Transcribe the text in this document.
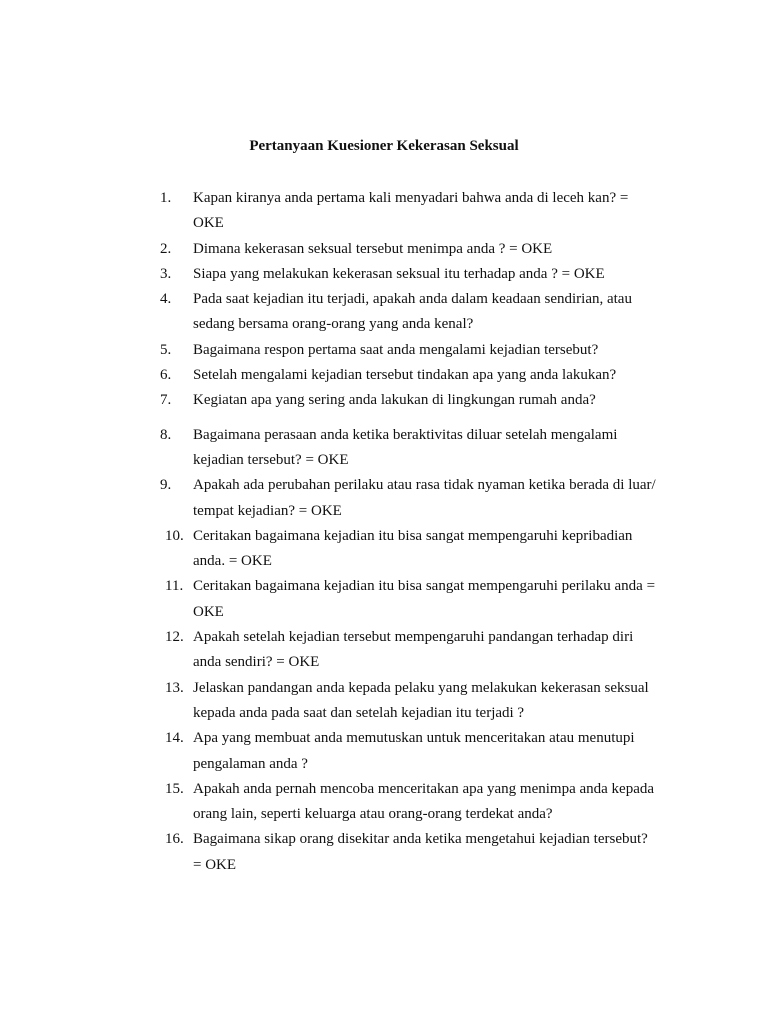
Pertanyaan Kuesioner Kekerasan Seksual
1.	Kapan kiranya anda pertama kali menyadari bahwa anda di leceh kan? = OKE
2.	Dimana kekerasan seksual tersebut menimpa anda ? = OKE
3.	Siapa yang melakukan kekerasan seksual itu terhadap anda ? = OKE
4.	Pada saat kejadian itu terjadi, apakah anda dalam keadaan sendirian, atau sedang bersama orang-orang yang anda kenal?
5.	Bagaimana respon pertama saat anda mengalami kejadian tersebut?
6.	Setelah mengalami kejadian tersebut tindakan apa yang anda lakukan?
7.	Kegiatan apa yang sering anda lakukan di lingkungan rumah anda?
8.	Bagaimana perasaan anda ketika beraktivitas diluar setelah mengalami kejadian tersebut? = OKE
9.	Apakah ada perubahan perilaku atau rasa tidak nyaman ketika berada di luar/ tempat kejadian? = OKE
10. Ceritakan bagaimana kejadian itu bisa sangat mempengaruhi kepribadian anda. = OKE
11. Ceritakan bagaimana kejadian itu bisa sangat mempengaruhi perilaku anda = OKE
12. Apakah setelah kejadian tersebut mempengaruhi pandangan terhadap diri anda sendiri? = OKE
13. Jelaskan pandangan anda kepada pelaku yang melakukan kekerasan seksual kepada anda pada saat dan setelah kejadian itu terjadi ?
14. Apa yang membuat anda memutuskan untuk menceritakan atau menutupi pengalaman anda ?
15. Apakah anda pernah mencoba menceritakan apa yang menimpa anda kepada orang lain, seperti keluarga atau orang-orang terdekat anda?
16. Bagaimana sikap orang disekitar anda ketika mengetahui kejadian tersebut? = OKE
